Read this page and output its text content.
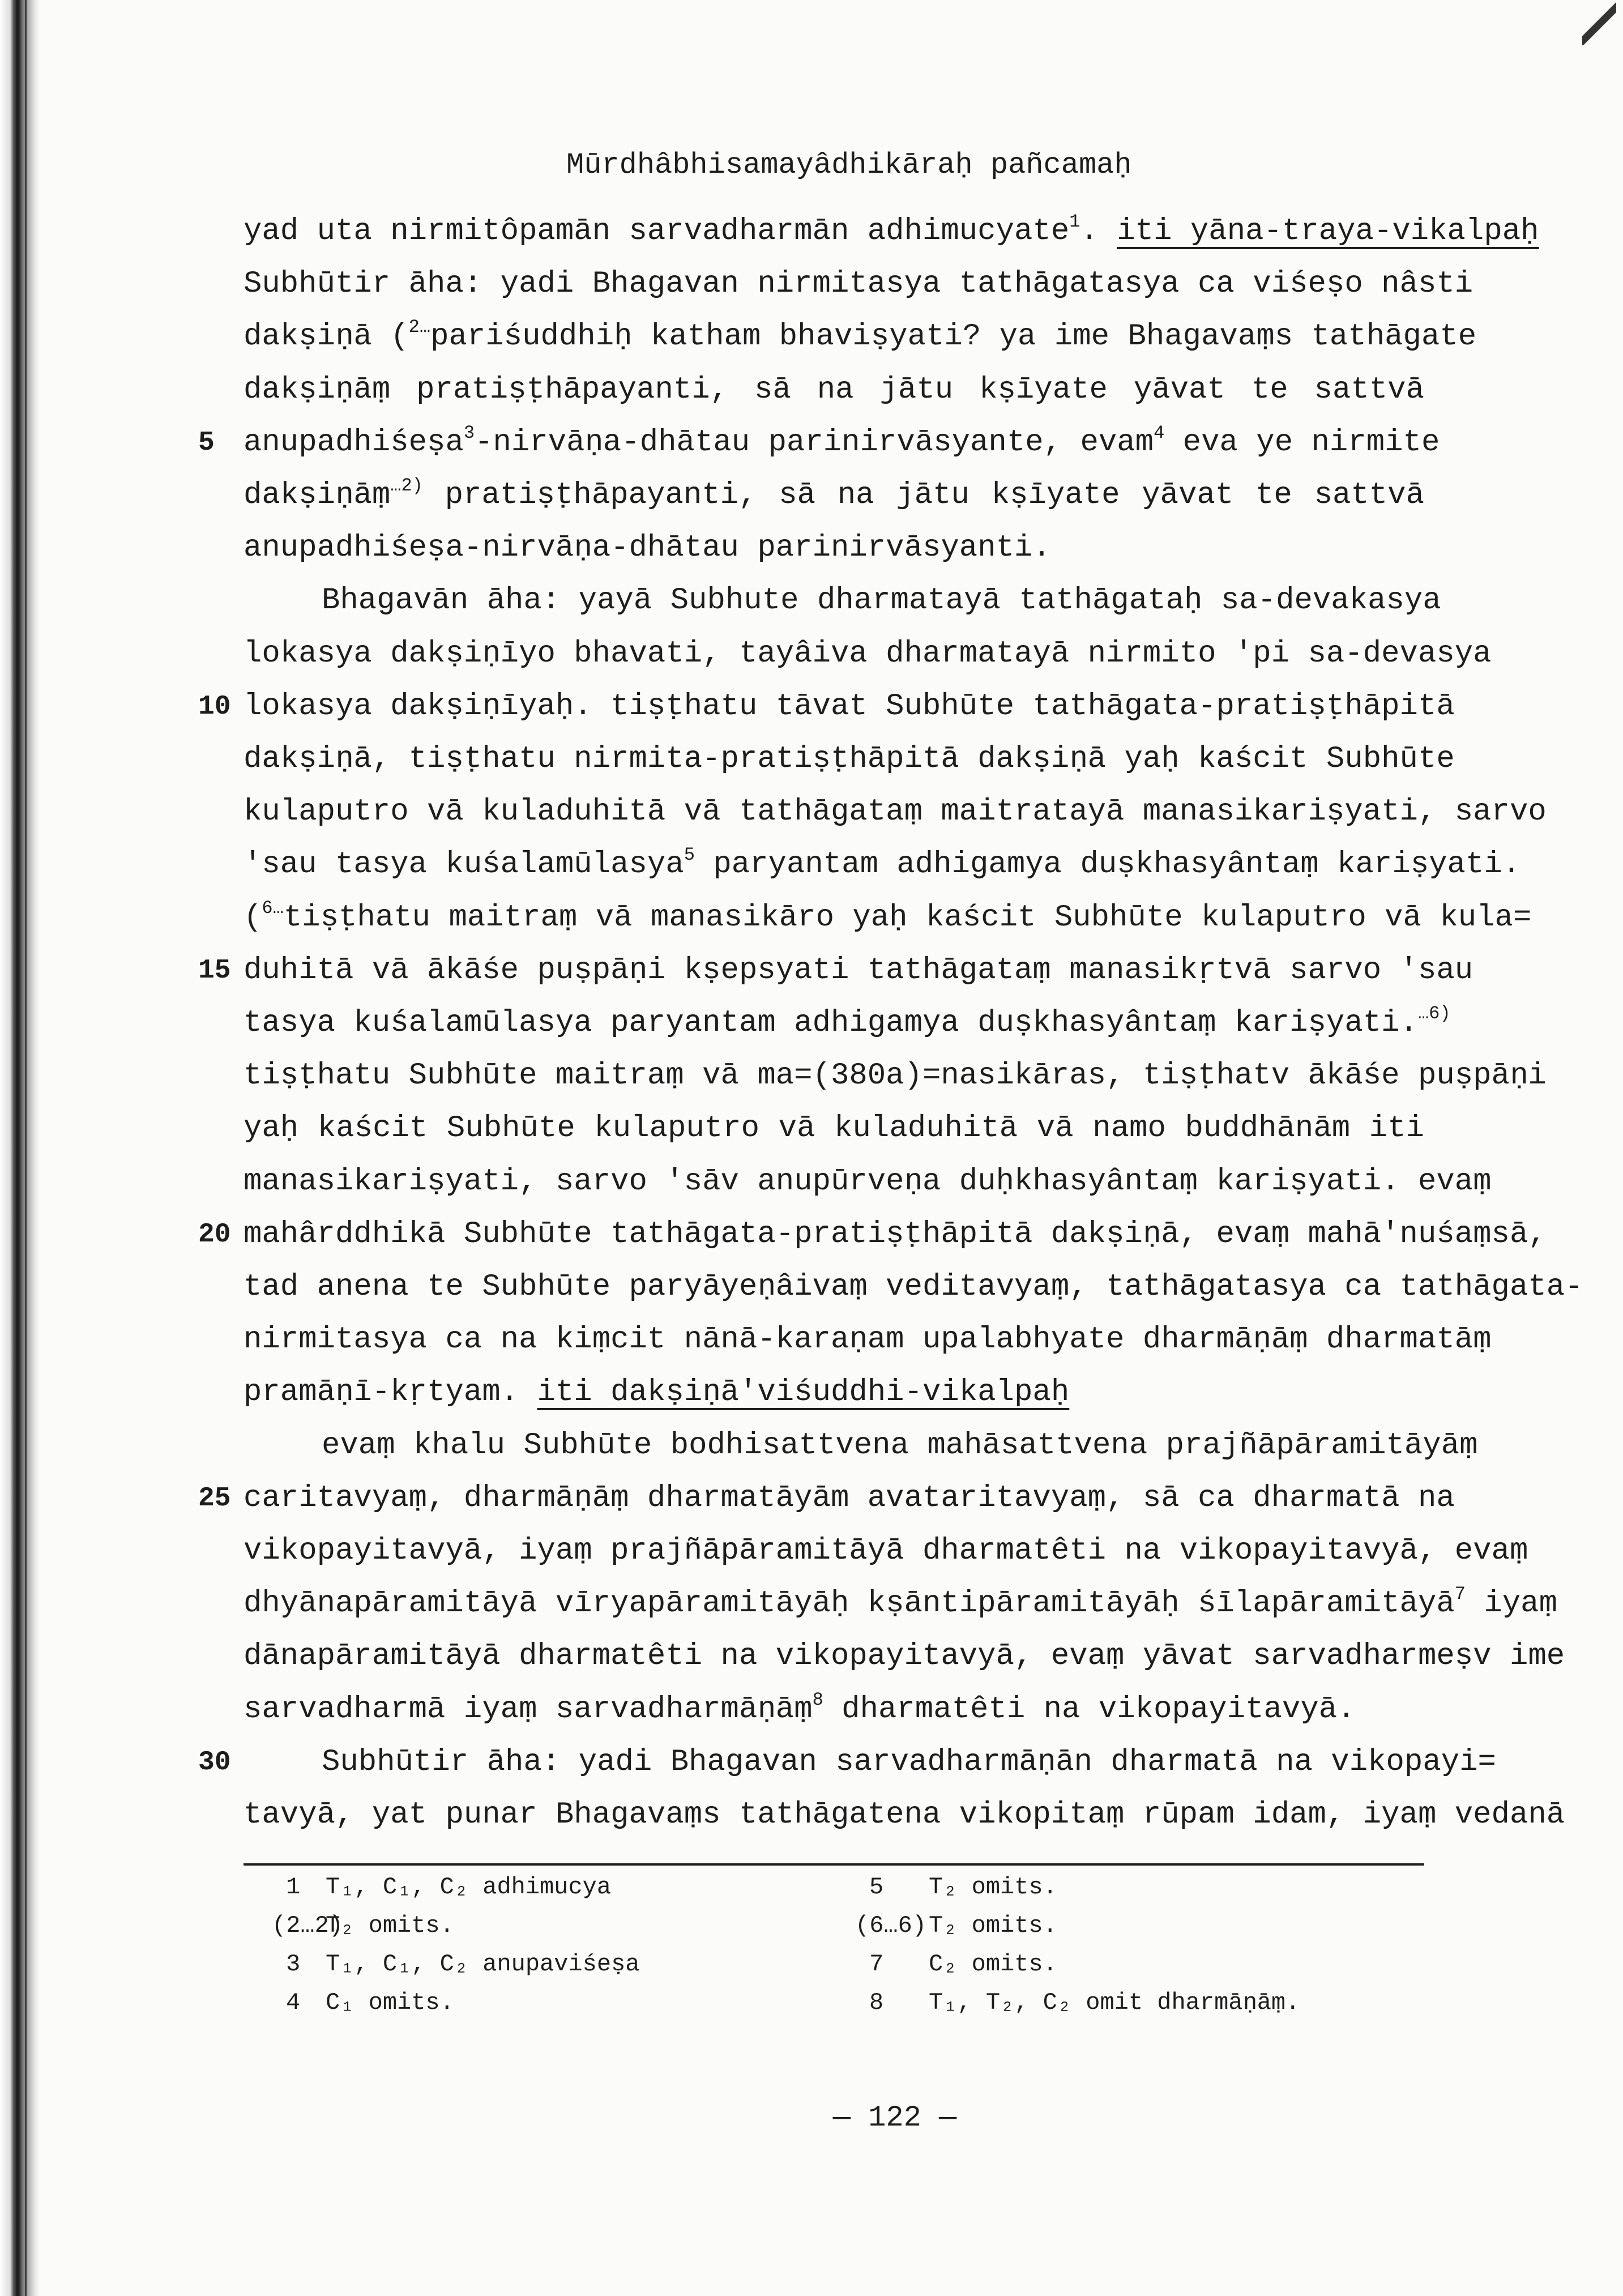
Mūrdhâbhisamayâdhikāraḥ pañcamaḥ
yad uta nirmitôpamān sarvadharmān adhimucyate$^1$. iti yāna-traya-vikalpaḥ
Subhūtir āha: yadi Bhagavan nirmitasya tathāgatasya ca viśeṣo nâsti
dakṣiṇā ($^{2\dots}$pariśuddhiḥ katham bhaviṣyati? ya ime Bhagavaṃs tathāgate
dakṣiṇāṃ pratiṣṭhāpayanti, sā na jātu kṣīyate yāvat te sattvā
5 anupadhiśeṣa$^3$-nirvāṇa-dhātau parinirvāsyante, evam$^4$ eva ye nirmite
dakṣiṇāṃ$^{\dots 2)}$ pratiṣṭhāpayanti, sā na jātu kṣīyate yāvat te sattvā
anupadhiśeṣa-nirvāṇa-dhātau parinirvāsyanti.
Bhagavān āha: yayā Subhute dharmatayā tathāgataḥ sa-devakasya
lokasya dakṣiṇīyo bhavati, tayâiva dharmatayā nirmito 'pi sa-devasya
10 lokasya dakṣiṇīyaḥ. tiṣṭhatu tāvat Subhūte tathāgata-pratiṣṭhāpitā
dakṣiṇā, tiṣṭhatu nirmita-pratiṣṭhāpitā dakṣiṇā yaḥ kaścit Subhūte
kulaputro vā kuladuhitā vā tathāgataṃ maitratayā manasikariṣyati, sarvo
'sau tasya kuśalamūlasya$^5$ paryantam adhigamya duṣkhasyântaṃ kariṣyati.
($^{6\dots}$tiṣṭhatu maitraṃ vā manasikāro yaḥ kaścit Subhūte kulaputro vā kula=
15 duhitā vā ākāśe puṣpāṇi kṣepsyati tathāgataṃ manasikṛtvā sarvo 'sau
tasya kuśalamūlasya paryantam adhigamya duṣkhasyântaṃ kariṣyati.$^{\dots 6)}$
tiṣṭhatu Subhūte maitraṃ vā ma=(380a)=nasikāras, tiṣṭhatv ākāśe puṣpāṇi
yaḥ kaścit Subhūte kulaputro vā kuladuhitā vā namo buddhānām iti
manasikariṣyati, sarvo 'sāv anupūrveṇa duḥkhasyântaṃ kariṣyati. evaṃ
20 mahârddhikā Subhūte tathāgata-pratiṣṭhāpitā dakṣiṇā, evaṃ mahā'nuśaṃsā,
tad anena te Subhūte paryāyeṇâivaṃ veditavyaṃ, tathāgatasya ca tathāgata-
nirmitasya ca na kiṃcit nānā-karaṇam upalabhyate dharmāṇāṃ dharmatāṃ
pramāṇī-kṛtyam. iti dakṣiṇā'viśuddhi-vikalpaḥ
evaṃ khalu Subhūte bodhisattvena mahāsattvena prajñāpāramitāyāṃ
25 caritavyaṃ, dharmāṇāṃ dharmatāyām avataritavyaṃ, sā ca dharmatā na
vikopayitavyā, iyaṃ prajñāpāramitāyā dharmatêti na vikopayitavyā, evaṃ
dhyānapāramitāyā vīryapāramitāyāḥ kṣāntipāramitāyāḥ śīlapāramitāyā$^7$ iyaṃ
dānapāramitāyā dharmatêti na vikopayitavyā, evaṃ yāvat sarvadharmeṣv ime
sarvadharmā iyaṃ sarvadharmāṇāṃ$^8$ dharmatêti na vikopayitavyā.
30	Subhūtir āha: yadi Bhagavan sarvadharmāṇān dharmatā na vikopayi=
tavyā, yat punar Bhagavaṃs tathāgatena vikopitaṃ rūpam idam, iyaṃ vedanā
1 T₁, C₁, C₂ adhimucya
(2…2)
T₂ omits.
3 T₁, C₁, C₂ anupaviśeṣa
4 C₁ omits.
5 T₂ omits.
(6…6) T₂ omits.
7 C₂ omits.
8 T₁, T₂, C₂ omit dharmāṇāṃ.
— 122 —
